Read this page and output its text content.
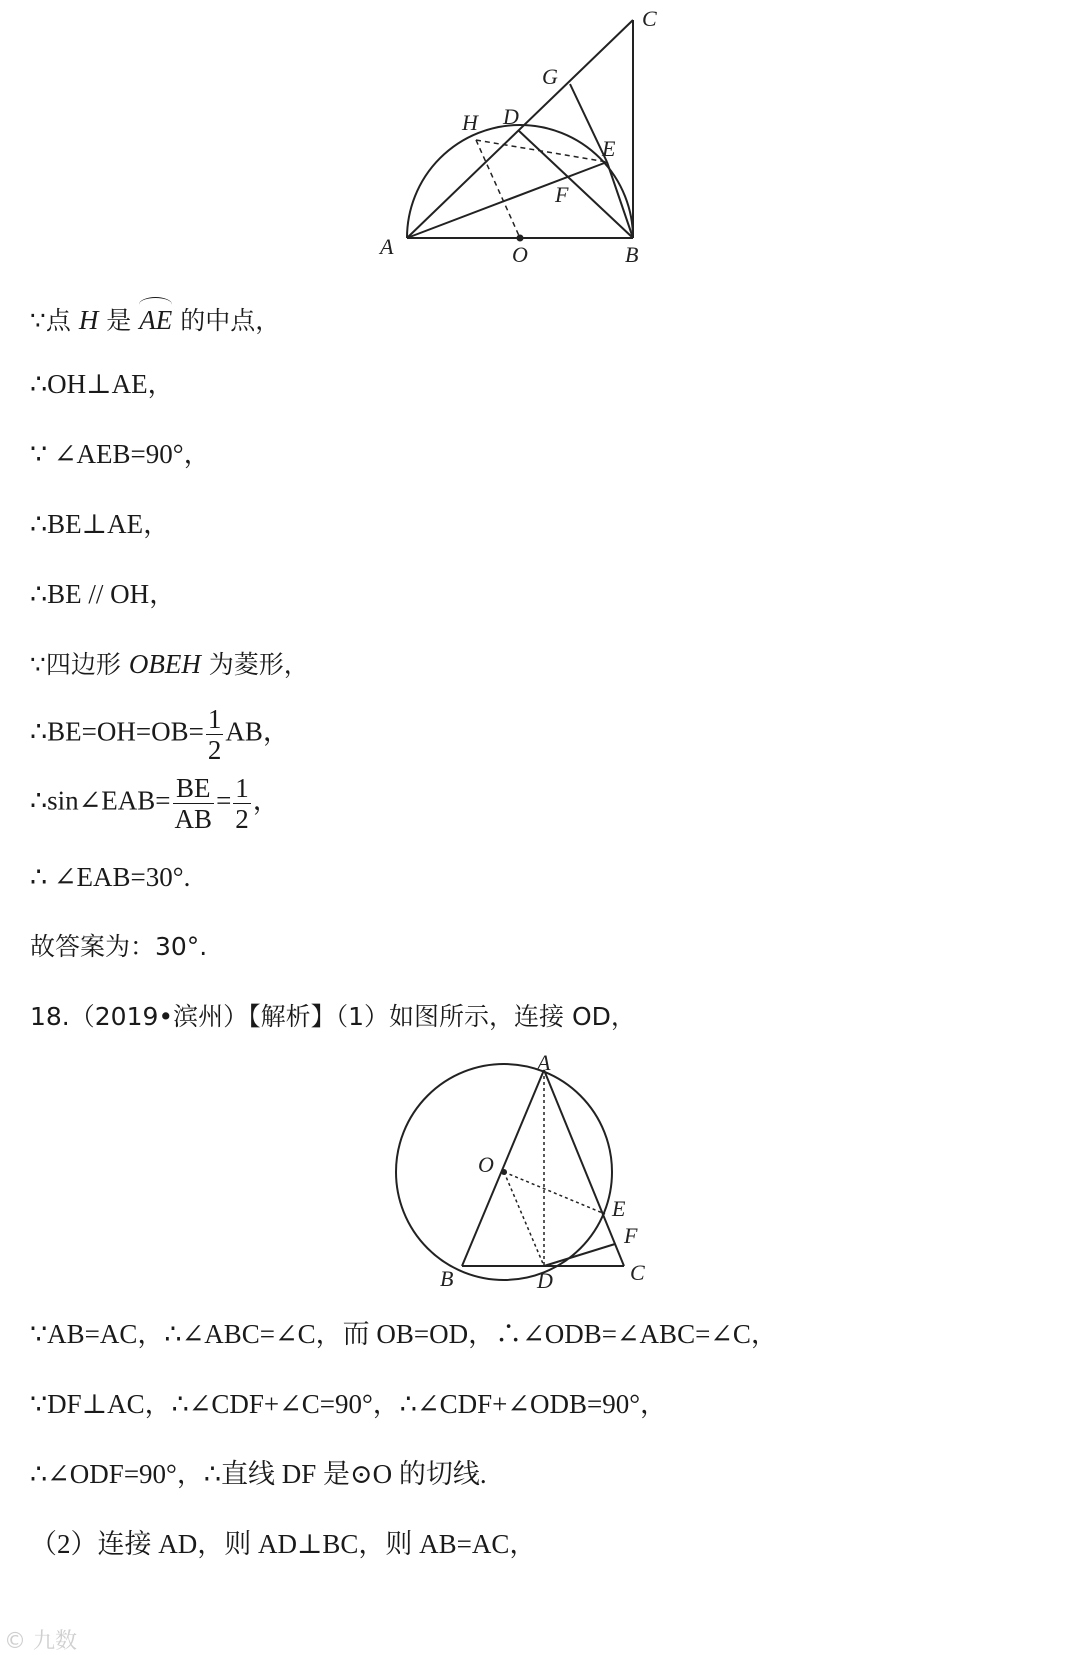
A	B
C
D
E
F
G
H
O
∵点 H 是 AE 的中点，
∴OH⊥AE，
∵ ∠AEB=90°，
∴BE⊥AE，
∴BE // OH，
∵四边形 OBEH 为菱形，
∴BE=OH=OB= $\frac{1}{2}$ AB，
∴sin∠EAB= $\frac{BE}{AB} = \frac{1}{2}$ ，
∴ ∠EAB=30°.
故答案为：30°.
18.（2019•滨州）【解析】（1）如图所示，连接 OD，
A
B	C
D
E
F
O
∵AB=AC，∴∠ABC=∠C，而 OB=OD，∴∠ODB=∠ABC=∠C，
∵DF⊥AC，∴∠CDF+∠C=90°，∴∠CDF+∠ODB=90°，
∴∠ODF=90°，∴直线 DF 是⊙O 的切线.
（2）连接 AD，则 AD⊥BC，则 AB=AC，
© 九数
